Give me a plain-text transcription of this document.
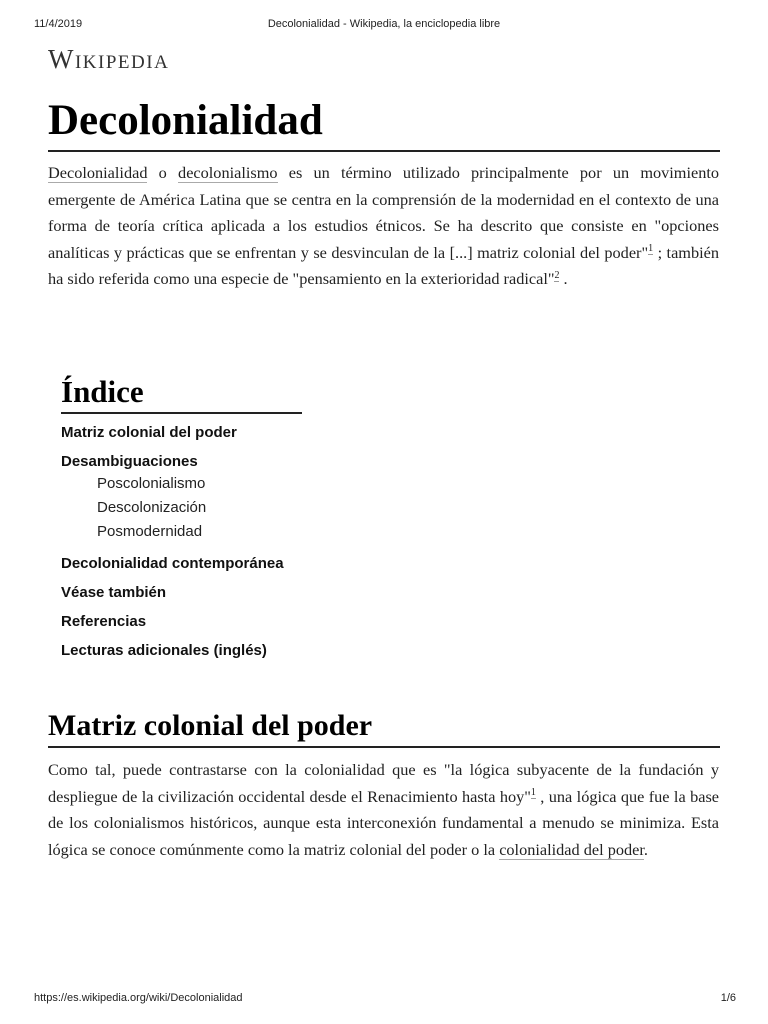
11/4/2019	Decolonialidad - Wikipedia, la enciclopedia libre
Wikipedia
Decolonialidad

Decolonialidad o decolonialismo es un término utilizado principalmente por un movimiento emergente de América Latina que se centra en la comprensión de la modernidad en el contexto de una forma de teoría crítica aplicada a los estudios étnicos. Se ha descrito que consiste en "opciones analíticas y prácticas que se enfrentan y se desvinculan de la [...] matriz colonial del poder"$^1$ ; también ha sido referida como una especie de "pensamiento en la exterioridad radical"$^2$ .

Índice
Matriz colonial del poder
Desambiguaciones
Poscolonialismo
Descolonización
Posmodernidad
Decolonialidad contemporánea
Véase también
Referencias
Lecturas adicionales (inglés)
Matriz colonial del poder

Como tal, puede contrastarse con la colonialidad que es "la lógica subyacente de la fundación y despliegue de la civilización occidental desde el Renacimiento hasta hoy"$^1$ , una lógica que fue la base de los colonialismos históricos, aunque esta interconexión fundamental a menudo se minimiza. Esta lógica se conoce comúnmente como la matriz colonial del poder o la colonialidad del poder.

https://es.wikipedia.org/wiki/Decolonialidad	1/6
